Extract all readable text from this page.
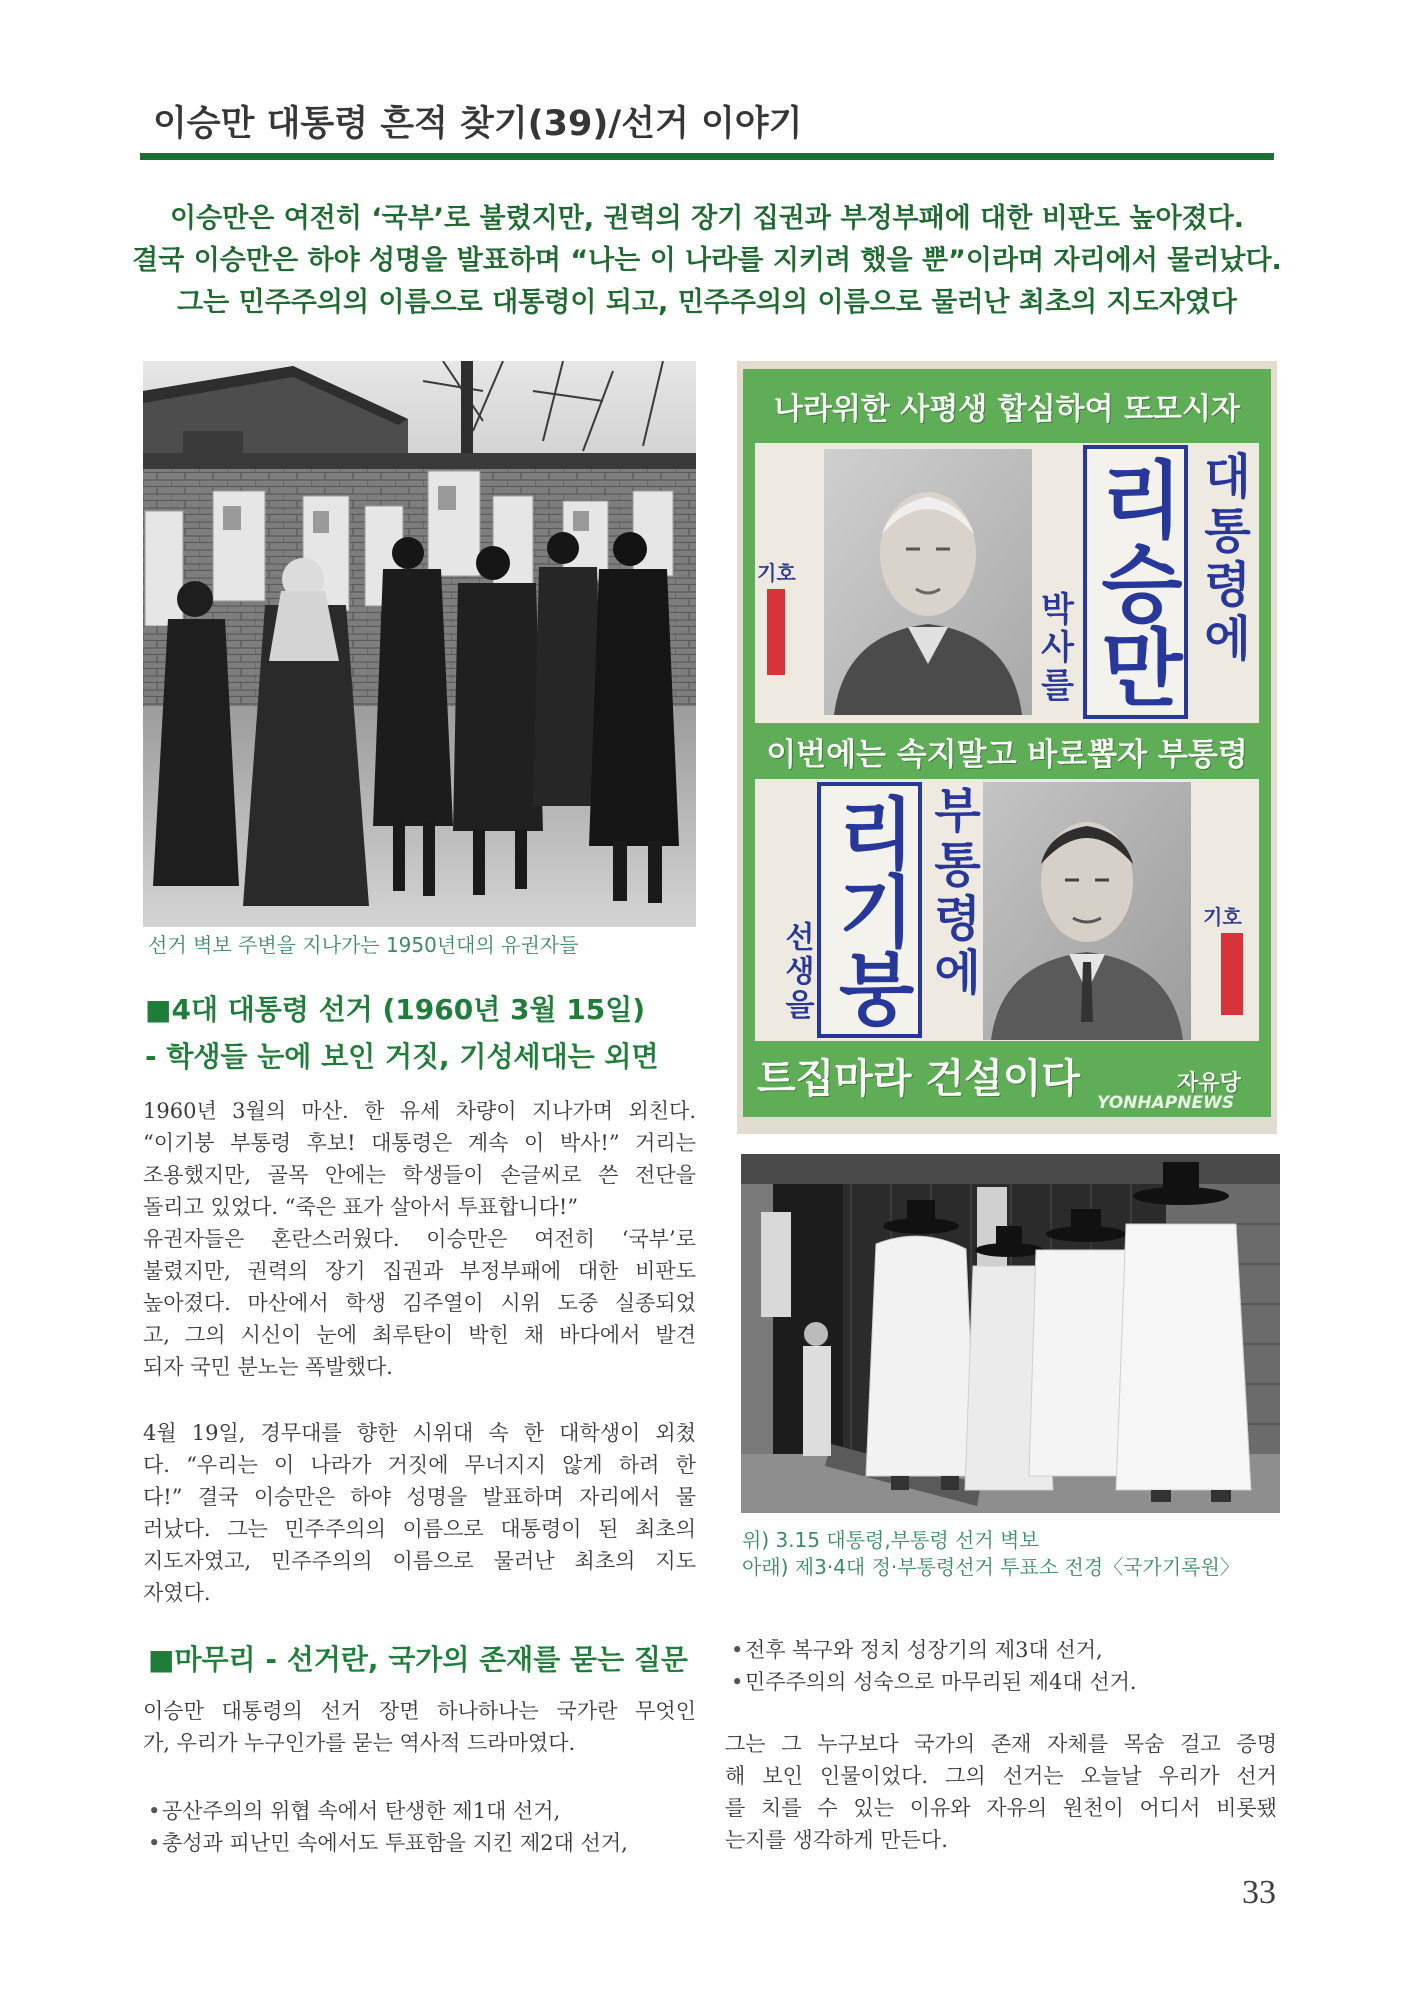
이승만 대통령 흔적 찾기(39)/선거 이야기
이승만은 여전히 ‘국부’로 불렸지만, 권력의 장기 집권과 부정부패에 대한 비판도 높아졌다.
결국 이승만은 하야 성명을 발표하며 “나는 이 나라를 지키려 했을 뿐”이라며 자리에서 물러났다.
그는 민주주의의 이름으로 대통령이 되고, 민주주의의 이름으로 물러난 최초의 지도자였다
선거 벽보 주변을 지나가는 1950년대의 유권자들
나라위한 사평생 합심하여 또모시자
이번에는 속지말고 바로뽑자 부통령
기호
박사를 리승만 대통령에
리기붕
선생을 부통령에	기호
트집마라 건설이다	자유당
YONHAPNEWS
위) 3.15 대통령,부통령 선거 벽보
아래) 제3·4대 정·부통령선거 투표소 전경〈국가기록원〉
■4대 대통령 선거 (1960년 3월 15일)
- 학생들 눈에 보인 거짓, 기성세대는 외면
1960년 3월의 마산. 한 유세 차량이 지나가며 외친다.
“이기붕 부통령 후보! 대통령은 계속 이 박사!” 거리는
조용했지만, 골목 안에는 학생들이 손글씨로 쓴 전단을
돌리고 있었다. “죽은 표가 살아서 투표합니다!”
유권자들은 혼란스러웠다. 이승만은 여전히 ‘국부’로
불렸지만, 권력의 장기 집권과 부정부패에 대한 비판도
높아졌다. 마산에서 학생 김주열이 시위 도중 실종되었
고, 그의 시신이 눈에 최루탄이 박힌 채 바다에서 발견
되자 국민 분노는 폭발했다.
4월 19일, 경무대를 향한 시위대 속 한 대학생이 외쳤
다. “우리는 이 나라가 거짓에 무너지지 않게 하려 한
다!” 결국 이승만은 하야 성명을 발표하며 자리에서 물
러났다. 그는 민주주의의 이름으로 대통령이 된 최초의
지도자였고, 민주주의의 이름으로 물러난 최초의 지도
자였다.
■마무리 - 선거란, 국가의 존재를 묻는 질문
이승만 대통령의 선거 장면 하나하나는 국가란 무엇인
가, 우리가 누구인가를 묻는 역사적 드라마였다.
•공산주의의 위협 속에서 탄생한 제1대 선거,
•총성과 피난민 속에서도 투표함을 지킨 제2대 선거,
•전후 복구와 정치 성장기의 제3대 선거,
•민주주의의 성숙으로 마무리된 제4대 선거.
그는 그 누구보다 국가의 존재 자체를 목숨 걸고 증명
해 보인 인물이었다. 그의 선거는 오늘날 우리가 선거
를 치를 수 있는 이유와 자유의 원천이 어디서 비롯됐
는지를 생각하게 만든다.
33
